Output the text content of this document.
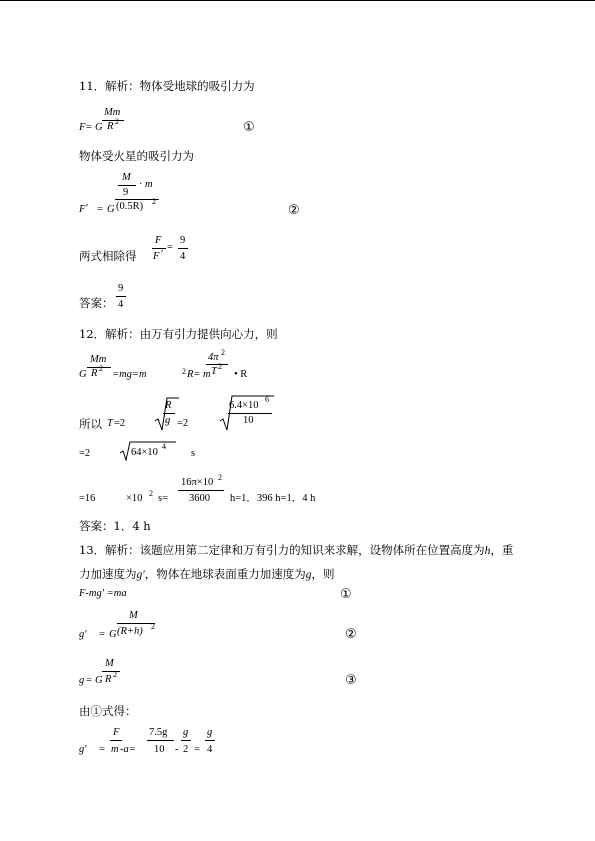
11．解析：物体受地球的吸引力为
Mm
F = G R 2	①
物体受火星的吸引力为
M
9
· m
F ′ = G (0.5R) 2
②
两式相除得
F
F ′
=
9
4
答案：
9
4
12．解析：由万有引力提供向心力，则
Mm
G R 2
=mg=m	2 R = m
4π 2
T 2
• R
所以 T =2
R
g =2
6.4×10
6
10
=2	64×10
4
s
=16	×10 2 s=
16π×10 2
3600 h=1．396 h=1．4 h
答案：1．4 h
13．解析：该题应用第二定律和万有引力的知识来求解，设物体所在位置高度为h，重
力加速度为g′，物体在地球表面重力加速度为g，则
F-mg′ =ma	①
M
g′ = G (R+h) 2
②
M
g = G R 2	③
由①式得：
g′ =
F
m -a=
7.5g
10 -
g
2 =
g
4
